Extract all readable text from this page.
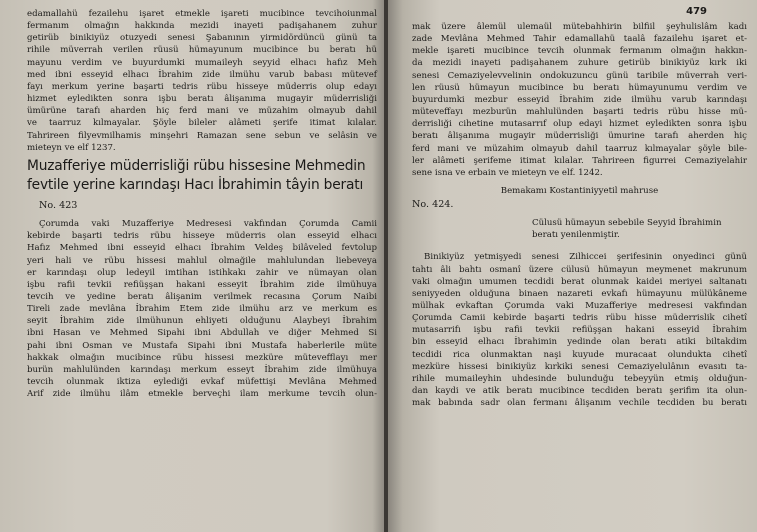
edamallahü fezailehu işaret etmekle işareti mucibince tevcihoiunmal
fermanım olmağın hakkında mezidi inayeti padişahanem zuhur
getirüb binikiyüz otuzyedi senesi Şabanının yirmidördüncü günü ta
rihile müverrah verilen rüusü hümayunum mucibince bu beratı hü
mayunu verdim ve buyurdumki mumaileyh seyyid elhacı hafız Meh
med ibni esseyid elhacı İbrahim zide ilmühu varub babası mütevef
fayı merkum yerine başarti tedris rübu hisseye müderris olup edayı
hizmet eyledikten sonra işbu beratı âlişanıma mugayir müderrisliği
ümürüne tarafı aharden hiç ferd mani ve müzahim olmayub dahil
ve taarruz kılmayalar. Şöyle bileler alâmeti şerife itimat kılalar.
Tahrireen filyevmilhamis minşehri Ramazan sene sebun ve selâsin ve
mieteyn ve elf 1237.
Muzafferiye müderrisliği rübu hissesine Mehmedin
fevtile yerine karındaşı Hacı İbrahimin tâyin beratı
No. 423
Çorumda vaki Muzafferiye Medresesi vakfından Çorumda Camii
kebirde başarti tedris rübu hisseye müderris olan esseyid elhacı
Hafız Mehmed ibni esseyid elhacı İbrahim Veldeş bilâveled fevtolup
yeri hali ve rübu hissesi mahlul olmağile mahlulundan liebeveya
er karındaşı olup ledeyil imtihan istihkakı zahir ve nümayan olan
işbu rafii tevkii refiüşşan hakani esseyit İbrahim zide ilmühuya
tevcih ve yedine beratı âlişanim verilmek recasına Çorum Naibi
Tireli zade mevlâna İbrahim Etem zide ilmühu arz ve merkum es
seyit İbrahim zide ilmühunun ehliyeti olduğunu Alaybeyi İbrahim
ibni Hasan ve Mehmed Sipahi ibni Abdullah ve diğer Mehmed Si
pahi ibni Osman ve Mustafa Sipahi ibni Mustafa haberlerile müte
hakkak olmağın mucibince rübu hissesi mezküre mütevefflayı mer
burün mahlulünden karındaşı merkum esseyt İbrahim zide ilmühuya
tevcih olunmak iktiza eylediği evkaf müfettişi Mevlâna Mehmed
Arif zide ilmühu ilâm etmekle berveçhi ilam merkume tevcih olun-
479
mak üzere âlemül ulemaül mütebahhirin bilfiil şeyhulislâm kadı
zade Mevlâna Mehmed Tahir edamallahü taalâ fazailehu işaret et-
mekle işareti mucibince tevcih olunmak fermanım olmağın hakkın-
da mezidi inayeti padişahanem zuhure getirüb binikiyüz kırk iki
senesi Cemaziyelevvelinin ondokuzuncu günü taribile müverrah veri-
len rüusü hümayun mucibince bu beratı hümayunumu verdim ve
buyurdumki mezbur esseyid İbrahim zide ilmühu varub karındaşı
müteveffayı mezburün mahlulünden başarti tedris rübu hisse mü-
derrisliği cihetine mutasarrıf olup edayi hizmet eyledikten sonra işbu
beratı âlişanıma mugayir müderrisliği ümurine tarafı aherden hiç
ferd mani ve müzahim olmayub dahil taarruz kılmayalar şöyle bile-
ler alâmeti şerifeme itimat kılalar. Tahrireen figurrei Cemaziyelahir
sene isna ve erbain ve mieteyn ve elf. 1242.
Bemakamı Kostantiniyyetil mahruse
No. 424.
Cülusü hümayun sebebile Seyyid İbrahimin
beratı yenilenmiştir.
Binikiyüz yetmişyedi senesi Zilhiccei şerifesinin onyedinci günü
tahtı âli bahtı osmanî üzere cülusü hümayun meymenet makrunum
vaki olmağın umumen tecdidi berat olunmak kaidei meriyei saltanatı
seniyyeden olduğuna binaen nazareti evkafı hümayunu mülükânemе
mülhak evkaftan Çorumda vaki Muzafferiye medresesi vakfından
Çorumda Camii kebirde başarti tedris rübu hisse müderrislik cihetî
mutasarrifı işbu rafii tevkii refiüşşan hakani esseyid İbrahim
bin esseyid elhacı İbrahimin yedinde olan beratı atiki biltakdim
tecdidi rica olunmaktan naşi kuyude muracaat olundukta cihetî
mezküre hissesi binikiyüz kırkiki senesi Cemaziyelulânın evasıtı ta-
rihile mumaileyhin uhdesinde bulunduğu tebeyyün etmiş olduğun-
dan kaydi ve atik beratı mucibince tecdiden beratı şerifim ita olun-
mak babında sadr olan fermanı âlişanım vechile tecdiden bu beratı
